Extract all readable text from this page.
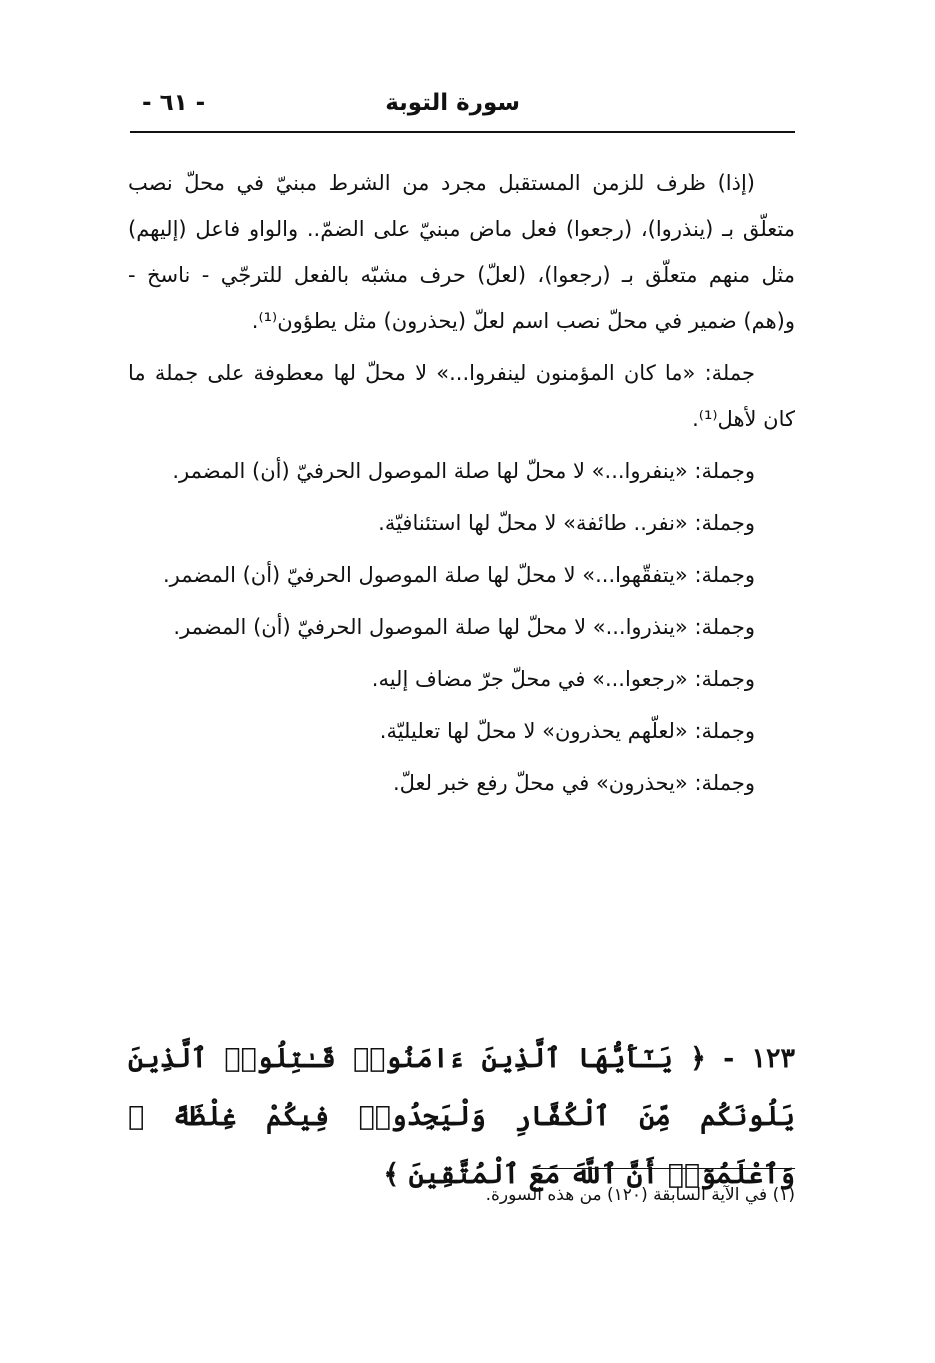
سورة التوبة
- ٦١ -

(إذا) ظرف للزمن المستقبل مجرد من الشرط مبنيّ في محلّ نصب متعلّق بـ (ينذروا)، (رجعوا) فعل ماض مبنيّ على الضمّ.. والواو فاعل (إليهم) مثل منهم متعلّق بـ (رجعوا)، (لعلّ) حرف مشبّه بالفعل للترجّي - ناسخ - و(هم) ضمير في محلّ نصب اسم لعلّ (يحذرون) مثل يطؤون⁽¹⁾.

جملة: «ما كان المؤمنون لينفروا...» لا محلّ لها معطوفة على جملة ما كان لأهل⁽¹⁾.

وجملة: «ينفروا...» لا محلّ لها صلة الموصول الحرفيّ (أن) المضمر.

وجملة: «نفر.. طائفة» لا محلّ لها استئنافيّة.

وجملة: «يتفقّهوا...» لا محلّ لها صلة الموصول الحرفيّ (أن) المضمر.

وجملة: «ينذروا...» لا محلّ لها صلة الموصول الحرفيّ (أن) المضمر.

وجملة: «رجعوا...» في محلّ جرّ مضاف إليه.

وجملة: «لعلّهم يحذرون» لا محلّ لها تعليليّة.

وجملة: «يحذرون» في محلّ رفع خبر لعلّ.

١٢٣ - ﴿ يَـٰٓأَيُّهَا ٱلَّذِينَ ءَامَنُوا۟ قَـٰتِلُوا۟ ٱلَّذِينَ يَلُونَكُم مِّنَ ٱلْكُفَّارِ وَلْيَجِدُوا۟ فِيكُمْ غِلْظَةً ۚ وَٱعْلَمُوٓا۟ أَنَّ ٱللَّهَ مَعَ ٱلْمُتَّقِينَ ﴾
(١) في الآية السابقة (١٢٠) من هذه السورة.
